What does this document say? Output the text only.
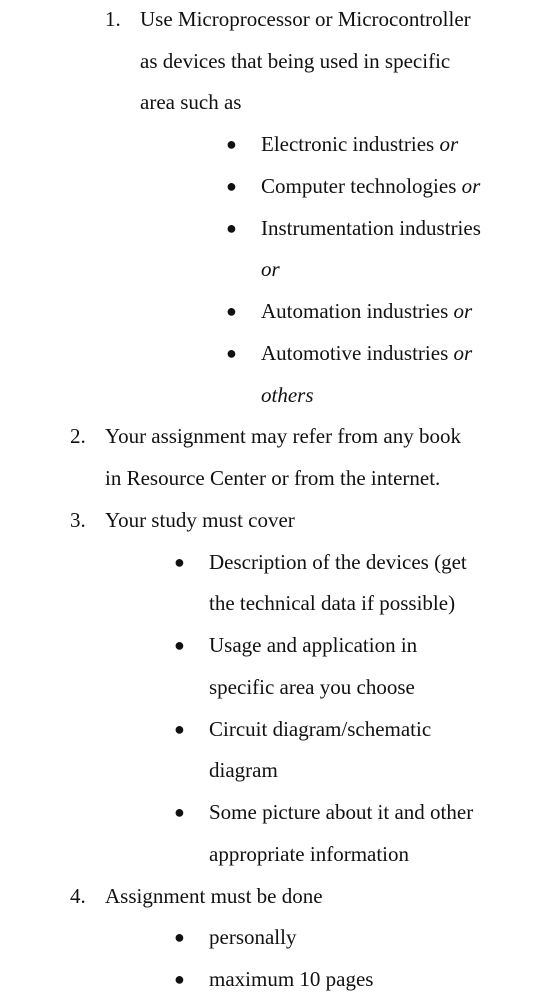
1. Use Microprocessor or Microcontroller
as devices that being used in specific
area such as
● Electronic industries or
● Computer technologies or
● Instrumentation industries
or
● Automation industries or
● Automotive industries or
others
2. Your assignment may refer from any book
in Resource Center or from the internet.
3. Your study must cover
● Description of the devices (get
the technical data if possible)
● Usage and application in
specific area you choose
● Circuit diagram/schematic
diagram
● Some picture about it and other
appropriate information
4. Assignment must be done
● personally
● maximum 10 pages
